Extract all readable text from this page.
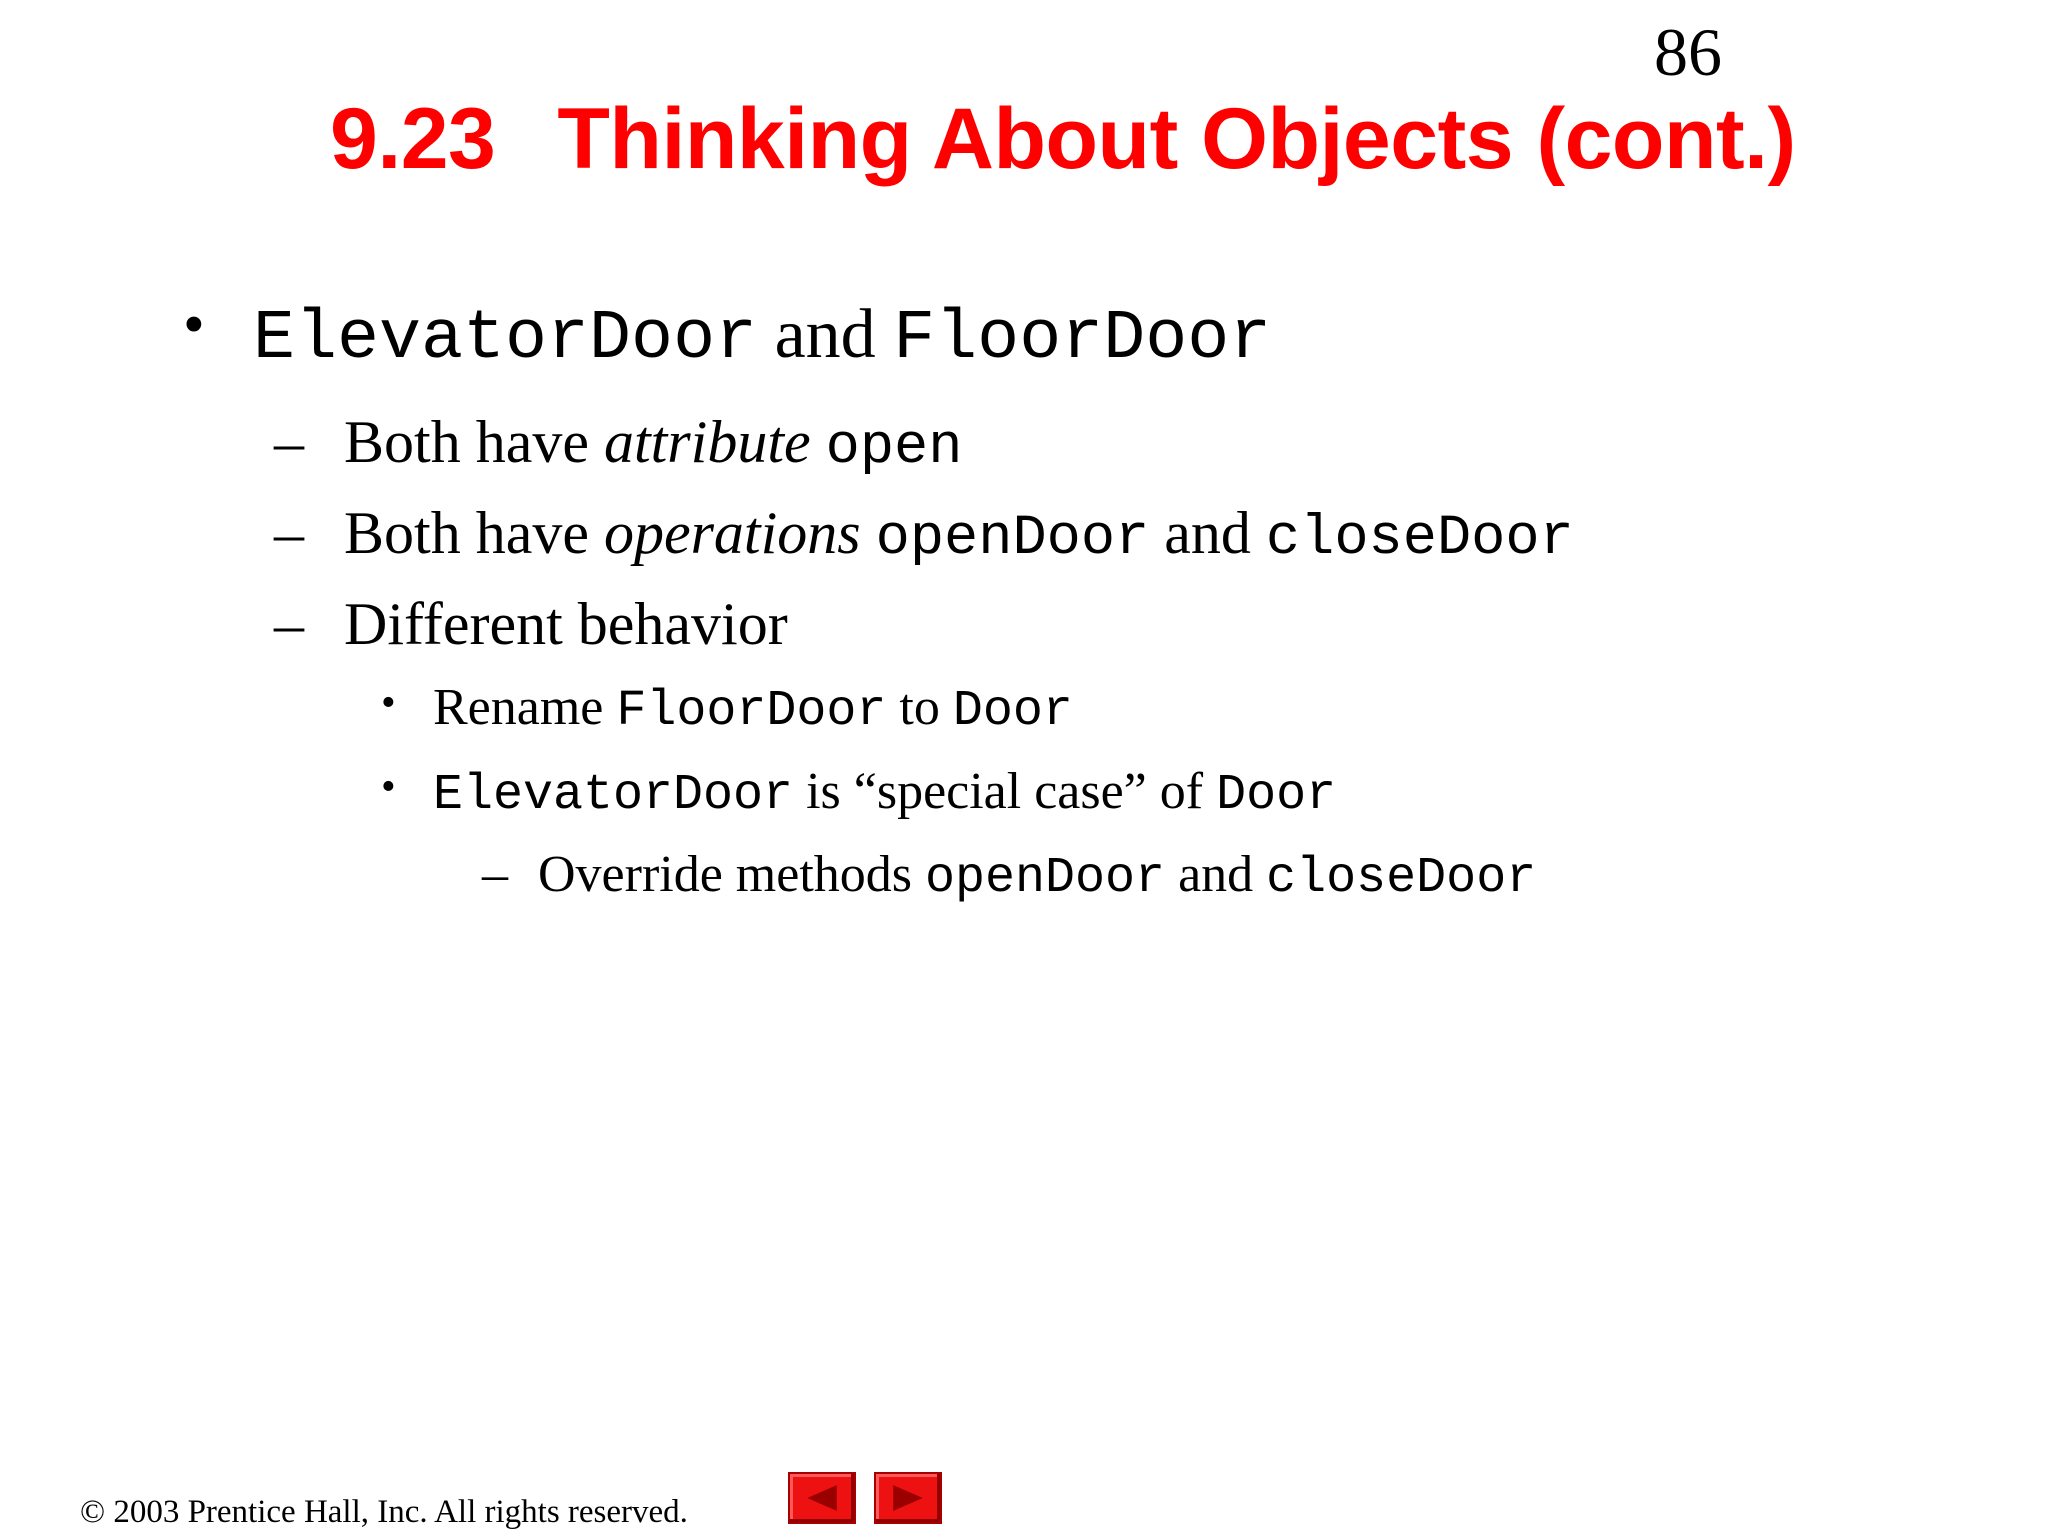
86
9.23 Thinking About Objects (cont.)
• ElevatorDoor and FloorDoor
– Both have attribute open
– Both have operations openDoor and closeDoor
– Different behavior
• Rename FloorDoor to Door
• ElevatorDoor is “special case” of Door
– Override methods openDoor and closeDoor
© 2003 Prentice Hall, Inc. All rights reserved.
